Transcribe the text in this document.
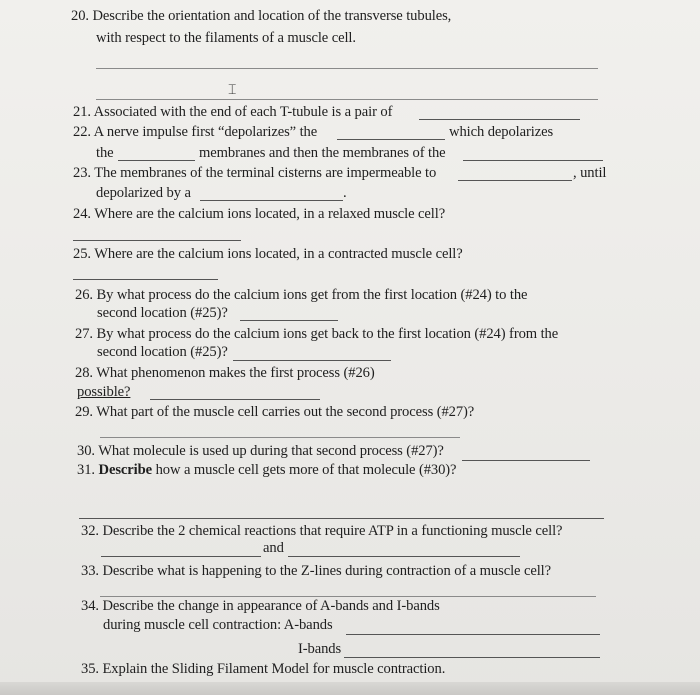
20. Describe the orientation and location of the transverse tubules,
with respect to the filaments of a muscle cell.
⌶
21. Associated with the end of each T-tubule is a pair of
22. A nerve impulse first “depolarizes” the	which depolarizes
the	membranes and then the membranes of the
23. The membranes of the terminal cisterns are impermeable to	, until
depolarized by a	.
24. Where are the calcium ions located, in a relaxed muscle cell?
25. Where are the calcium ions located, in a contracted muscle cell?
26. By what process do the calcium ions get from the first location (#24) to the
second location (#25)?
27. By what process do the calcium ions get back to the first location (#24) from the
second location (#25)?
28. What phenomenon makes the first process (#26)
possible?
29. What part of the muscle cell carries out the second process (#27)?
30. What molecule is used up during that second process (#27)?
31. Describe how a muscle cell gets more of that molecule (#30)?
32. Describe the 2 chemical reactions that require ATP in a functioning muscle cell?
and
33. Describe what is happening to the Z-lines during contraction of a muscle cell?
34. Describe the change in appearance of A-bands and I-bands
during muscle cell contraction: A-bands
I-bands
35. Explain the Sliding Filament Model for muscle contraction.
